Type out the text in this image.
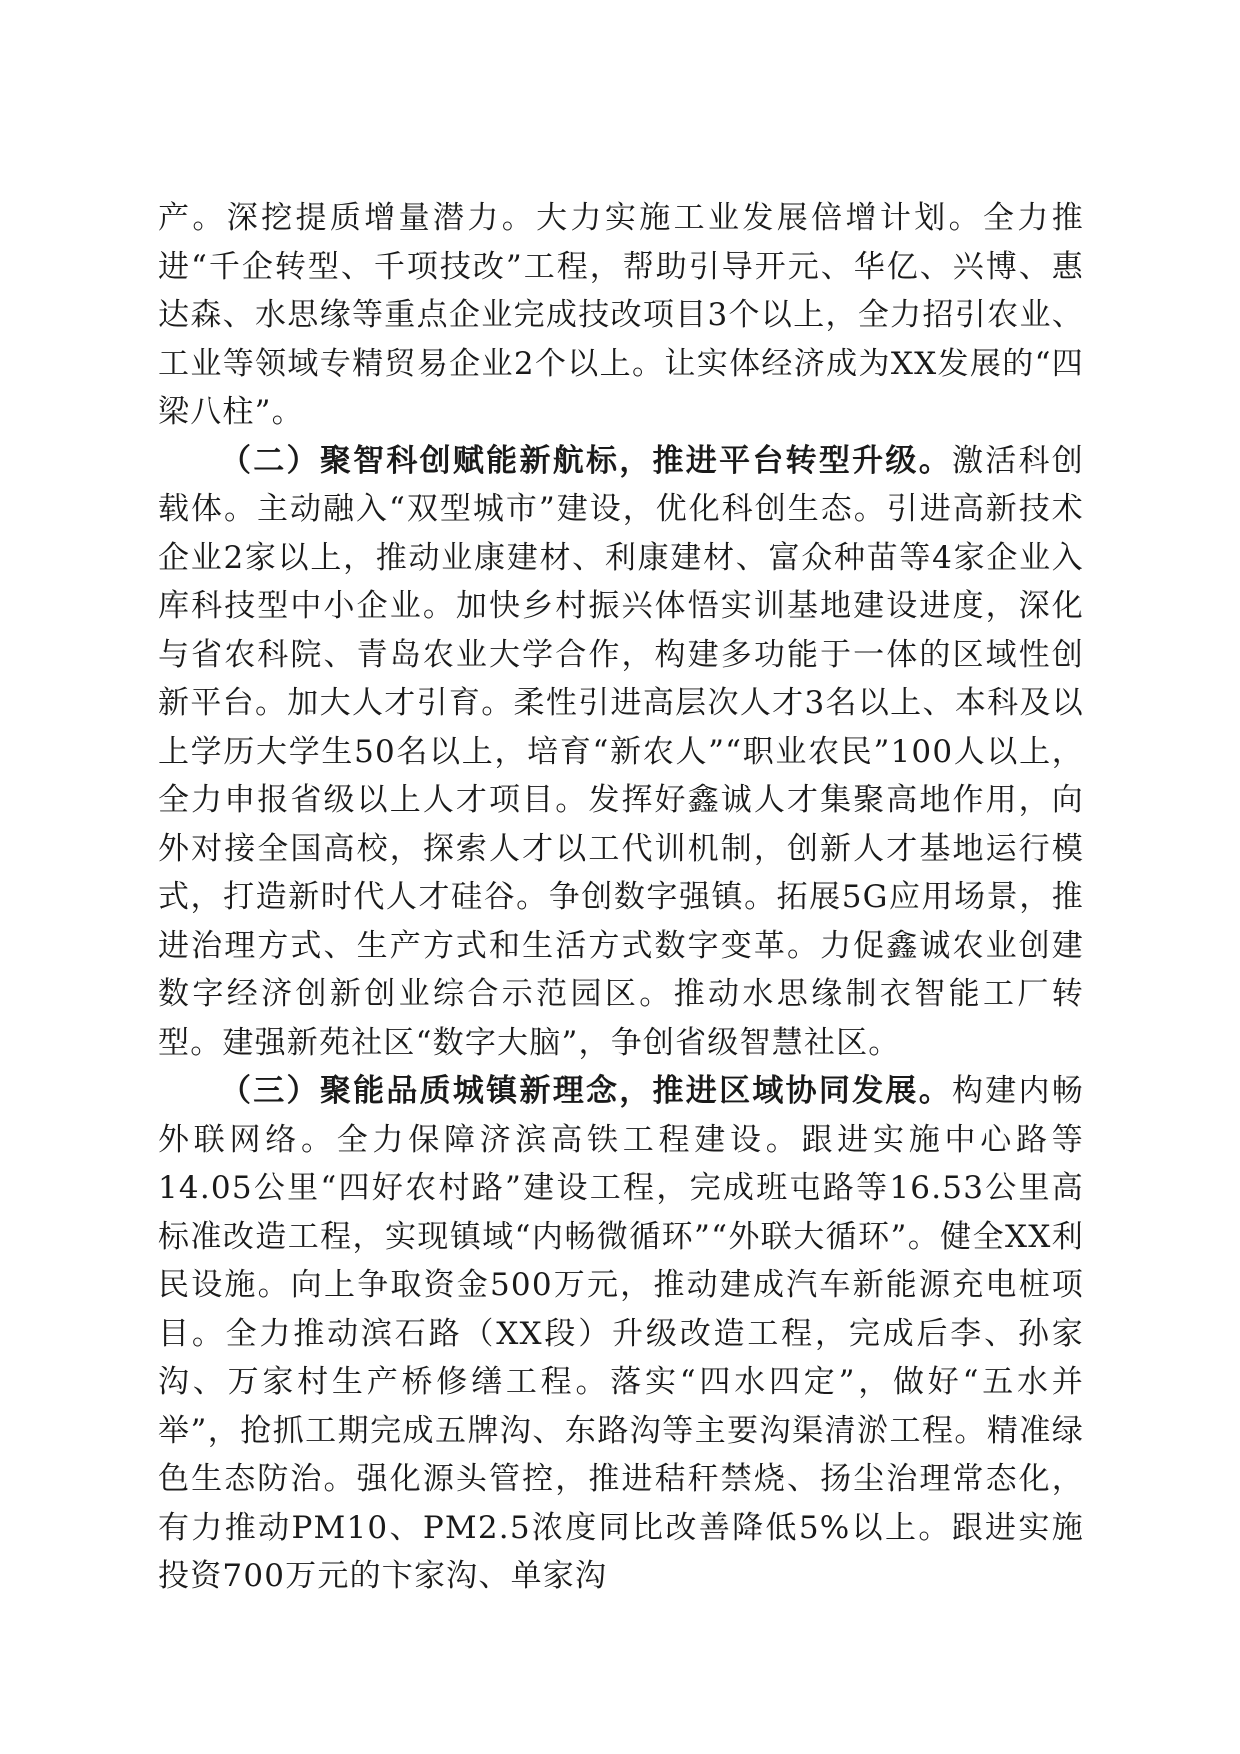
产。深挖提质增量潜力。大力实施工业发展倍增计划。全力推进“千企转型、千项技改”工程，帮助引导开元、华亿、兴博、惠达森、水思缘等重点企业完成技改项目3个以上，全力招引农业、工业等领域专精贸易企业2个以上。让实体经济成为XX发展的“四梁八柱”。

（二）聚智科创赋能新航标，推进平台转型升级。激活科创载体。主动融入“双型城市”建设，优化科创生态。引进高新技术企业2家以上，推动业康建材、利康建材、富众种苗等4家企业入库科技型中小企业。加快乡村振兴体悟实训基地建设进度，深化与省农科院、青岛农业大学合作，构建多功能于一体的区域性创新平台。加大人才引育。柔性引进高层次人才3名以上、本科及以上学历大学生50名以上，培育“新农人”“职业农民”100人以上，全力申报省级以上人才项目。发挥好鑫诚人才集聚高地作用，向外对接全国高校，探索人才以工代训机制，创新人才基地运行模式，打造新时代人才硅谷。争创数字强镇。拓展5G应用场景，推进治理方式、生产方式和生活方式数字变革。力促鑫诚农业创建数字经济创新创业综合示范园区。推动水思缘制衣智能工厂转型。建强新苑社区“数字大脑”，争创省级智慧社区。

（三）聚能品质城镇新理念，推进区域协同发展。构建内畅外联网络。全力保障济滨高铁工程建设。跟进实施中心路等14.05公里“四好农村路”建设工程，完成班屯路等16.53公里高标准改造工程，实现镇域“内畅微循环”“外联大循环”。健全XX利民设施。向上争取资金500万元，推动建成汽车新能源充电桩项目。全力推动滨石路（XX段）升级改造工程，完成后李、孙家沟、万家村生产桥修缮工程。落实“四水四定”，做好“五水并举”，抢抓工期完成五牌沟、东路沟等主要沟渠清淤工程。精准绿色生态防治。强化源头管控，推进秸秆禁烧、扬尘治理常态化，有力推动PM10、PM2.5浓度同比改善降低5%以上。跟进实施投资700万元的卞家沟、单家沟
